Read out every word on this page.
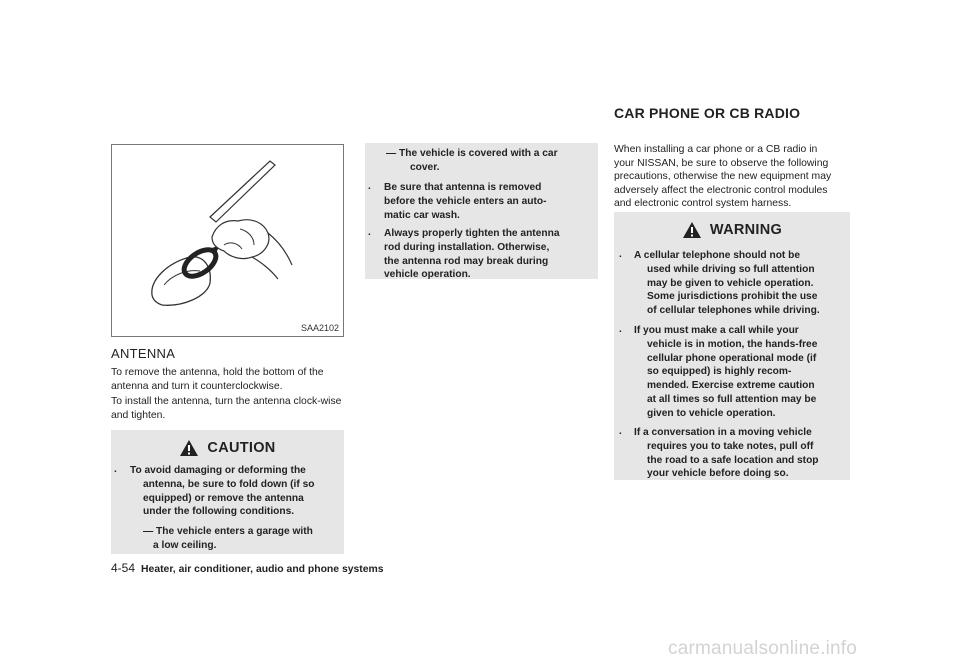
SAA2102
ANTENNA
To remove the antenna, hold the bottom of the antenna and turn it counterclockwise.
To install the antenna, turn the antenna clock-wise and tighten.
CAUTION
. To avoid damaging or deforming the
antenna, be sure to fold down (if so
equipped) or remove the antenna
under the following conditions.
— The vehicle enters a garage with
a low ceiling.
— The vehicle is covered with a car
cover.
. Be sure that antenna is removed
before the vehicle enters an auto-
matic car wash.
. Always properly tighten the antenna
rod during installation. Otherwise,
the antenna rod may break during
vehicle operation.
CAR PHONE OR CB RADIO
When installing a car phone or a CB radio in
your NISSAN, be sure to observe the following
precautions, otherwise the new equipment may
adversely affect the electronic control modules
and electronic control system harness.
WARNING
. A cellular telephone should not be
used while driving so full attention
may be given to vehicle operation.
Some jurisdictions prohibit the use
of cellular telephones while driving.
. If you must make a call while your
vehicle is in motion, the hands-free
cellular phone operational mode (if
so equipped) is highly recom-
mended. Exercise extreme caution
at all times so full attention may be
given to vehicle operation.
. If a conversation in a moving vehicle
requires you to take notes, pull off
the road to a safe location and stop
your vehicle before doing so.
4-54 Heater, air conditioner, audio and phone systems
carmanualsonline.info
